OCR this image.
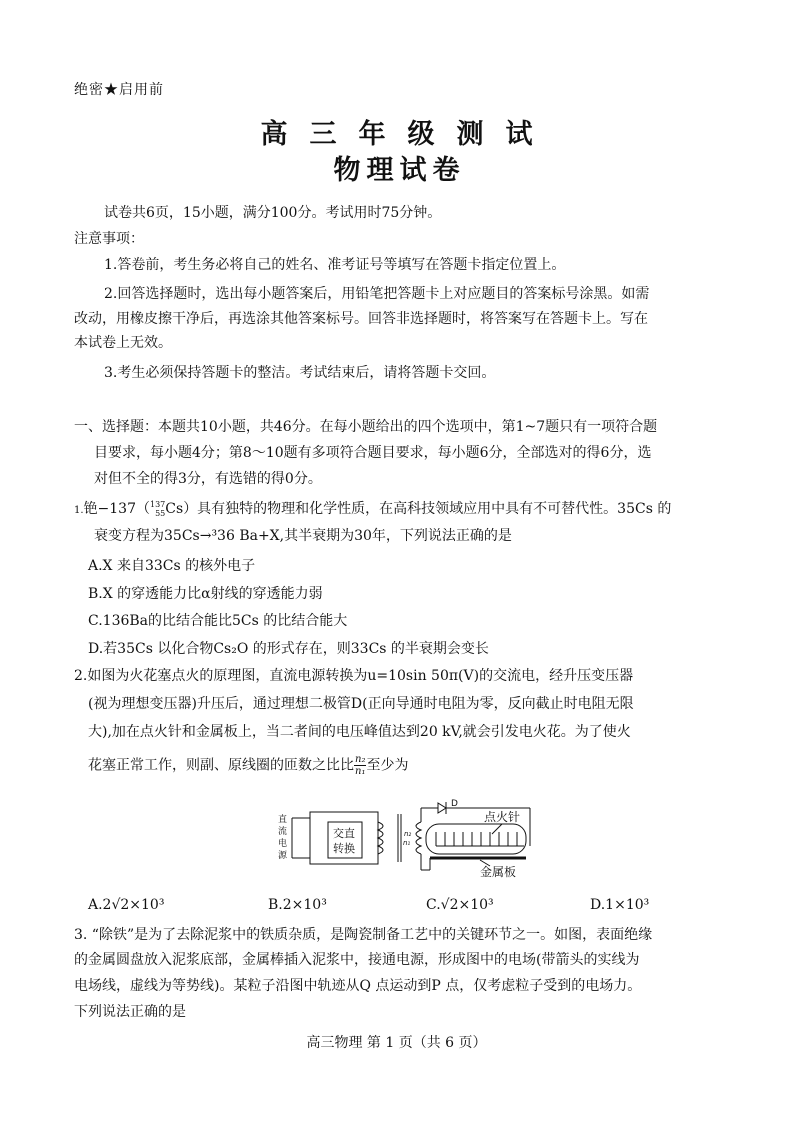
绝密★启用前
高三年级测试
物理试卷
试卷共6页，15小题，满分100分。考试用时75分钟。
注意事项：
1.答卷前，考生务必将自己的姓名、准考证号等填写在答题卡指定位置上。
2.回答选择题时，选出每小题答案后，用铅笔把答题卡上对应题目的答案标号涂黑。如需
改动，用橡皮擦干净后，再选涂其他答案标号。回答非选择题时，将答案写在答题卡上。写在
本试卷上无效。
3.考生必须保持答题卡的整洁。考试结束后，请将答题卡交回。
一、选择题：本题共10小题，共46分。在每小题给出的四个选项中，第1~7题只有一项符合题
目要求，每小题4分；第8～10题有多项符合题目要求，每小题6分，全部选对的得6分，选
对但不全的得3分，有选错的得0分。
1.铯−137（ 137
55 Cs）具有独特的物理和化学性质，在高科技领域应用中具有不可替代性。35Cs 的
衰变方程为35Cs→³36 Ba+X,其半衰期为30年，下列说法正确的是
A.X 来自33Cs 的核外电子
B.X 的穿透能力比α射线的穿透能力弱
C.136Ba的比结合能比5Cs 的比结合能大
D.若35Cs 以化合物Cs₂O 的形式存在，则33Cs 的半衰期会变长
2.如图为火花塞点火的原理图，直流电源转换为u=10sin 50π(V)的交流电，经升压变压器
(视为理想变压器)升压后，通过理想二极管D(正向导通时电阻为零，反向截止时电阻无限
大),加在点火针和金属板上，当二者间的电压峰值达到20 kV,就会引发电火花。为了使火
花塞正常工作，则副、原线圈的匝数之比比 $\frac{\text{n₂}}{\text{n₁}}$ 至少为
直
流
电
源
交直
转换	n₁
n₂
D
点火针
金属板
A.2√2×10³	B.2×10³	C.√2×10³	D.1×10³
3. “除铁”是为了去除泥浆中的铁质杂质，是陶瓷制备工艺中的关键环节之一。如图，表面绝缘
的金属圆盘放入泥浆底部，金属棒插入泥浆中，接通电源，形成图中的电场(带箭头的实线为
电场线，虚线为等势线)。某粒子沿图中轨迹从Q 点运动到P 点，仅考虑粒子受到的电场力。
下列说法正确的是
高三物理 第 1 页（共 6 页）
